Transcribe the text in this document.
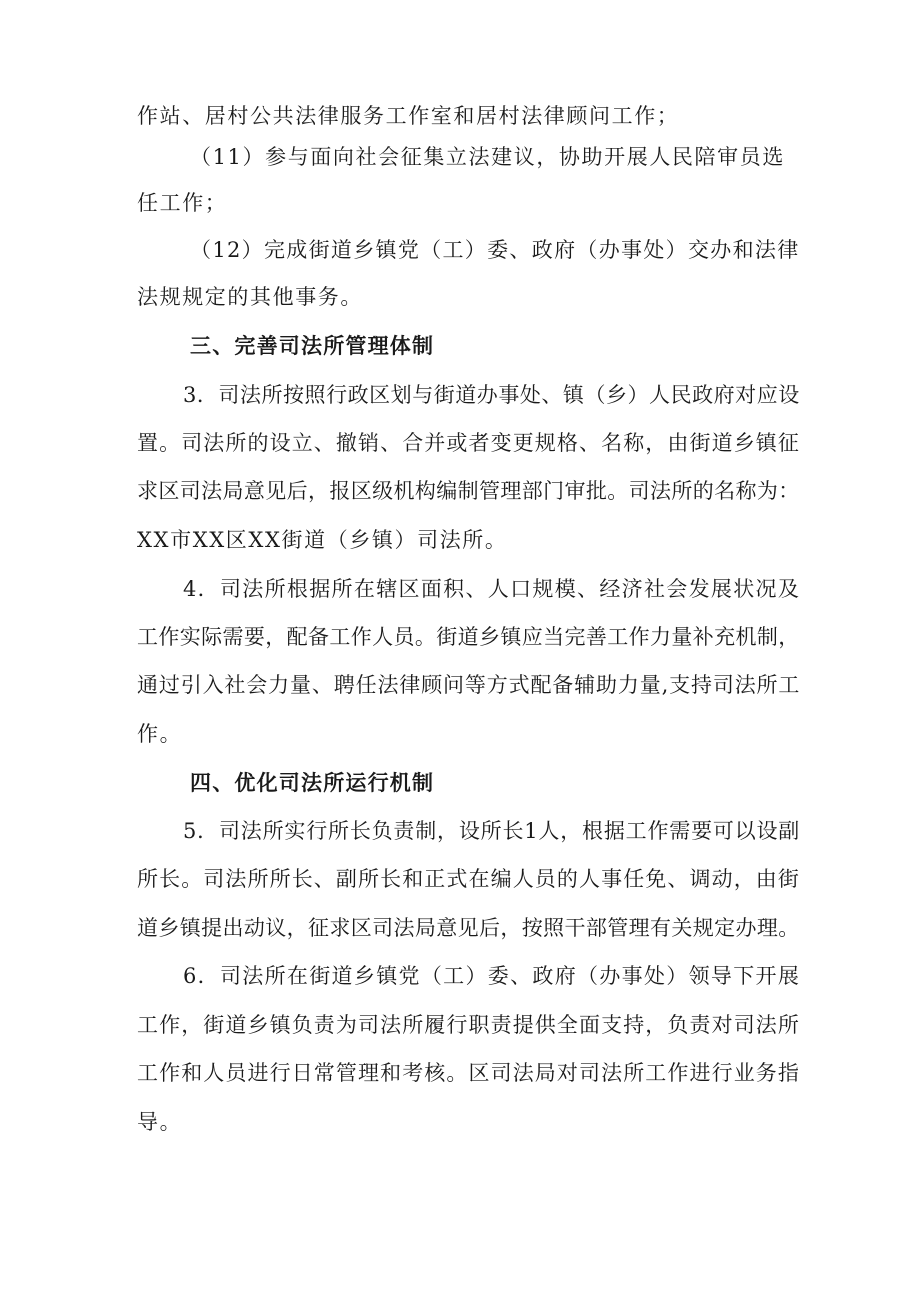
作站、居村公共法律服务工作室和居村法律顾问工作；
（11）参与面向社会征集立法建议，协助开展人民陪审员选
任工作；
（12）完成街道乡镇党（工）委、政府（办事处）交办和法律
法规规定的其他事务。
三、完善司法所管理体制
3．司法所按照行政区划与街道办事处、镇（乡）人民政府对应设
置。司法所的设立、撤销、合并或者变更规格、名称，由街道乡镇征
求区司法局意见后，报区级机构编制管理部门审批。司法所的名称为：
XX市XX区XX街道（乡镇）司法所。
4．司法所根据所在辖区面积、人口规模、经济社会发展状况及
工作实际需要，配备工作人员。街道乡镇应当完善工作力量补充机制，
通过引入社会力量、聘任法律顾问等方式配备辅助力量,支持司法所工
作。
四、优化司法所运行机制
5．司法所实行所长负责制，设所长1人，根据工作需要可以设副
所长。司法所所长、副所长和正式在编人员的人事任免、调动，由街
道乡镇提出动议，征求区司法局意见后，按照干部管理有关规定办理。
6．司法所在街道乡镇党（工）委、政府（办事处）领导下开展
工作，街道乡镇负责为司法所履行职责提供全面支持，负责对司法所
工作和人员进行日常管理和考核。区司法局对司法所工作进行业务指
导。
